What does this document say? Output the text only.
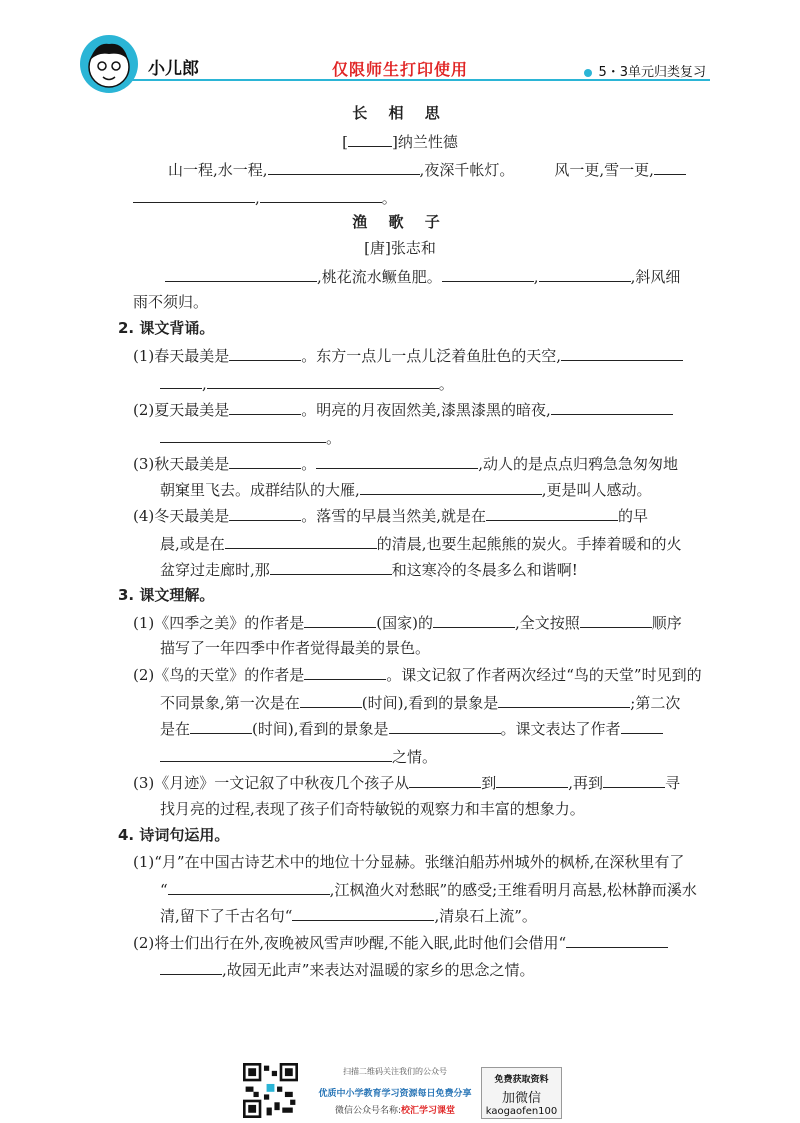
小儿郎	仅限师生打印使用	5・3单元归类复习
长 相 思
[	]纳兰性德
山一程,水一程,	,夜深千帐灯。	风一更,雪一更,
,	。
渔 歌 子
[唐]张志和
,桃花流水鳜鱼肥。	,	,斜风细
雨不须归。
2. 课文背诵。
(1)春天最美是	。东方一点儿一点儿泛着鱼肚色的天空,
,	。
(2)夏天最美是	。明亮的月夜固然美,漆黑漆黑的暗夜,
。
(3)秋天最美是	。	,动人的是点点归鸦急急匆匆地
朝窠里飞去。成群结队的大雁,	,更是叫人感动。
(4)冬天最美是	。落雪的早晨当然美,就是在	的早
晨,或是在	的清晨,也要生起熊熊的炭火。手捧着暖和的火
盆穿过走廊时,那	和这寒冷的冬晨多么和谐啊!
3. 课文理解。
(1)《四季之美》的作者是	(国家)的	,全文按照	顺序
描写了一年四季中作者觉得最美的景色。
(2)《鸟的天堂》的作者是	。课文记叙了作者两次经过“鸟的天堂”时见到的
不同景象,第一次是在	(时间),看到的景象是	;第二次
是在	(时间),看到的景象是	。课文表达了作者
之情。
(3)《月迹》一文记叙了中秋夜几个孩子从	到	,再到	寻
找月亮的过程,表现了孩子们奇特敏锐的观察力和丰富的想象力。
4. 诗词句运用。
(1)“月”在中国古诗艺术中的地位十分显赫。张继泊船苏州城外的枫桥,在深秋里有了
“	,江枫渔火对愁眠”的感受;王维看明月高悬,松林静而溪水
清,留下了千古名句“	,清泉石上流”。
(2)将士们出行在外,夜晚被风雪声吵醒,不能入眠,此时他们会借用“
,故园无此声”来表达对温暖的家乡的思念之情。
扫描二维码关注我们的公众号
优质中小学教育学习资源每日免费分享
微信公众号名称:校汇学习课堂
免费获取资料
加微信
kaogaofen100
